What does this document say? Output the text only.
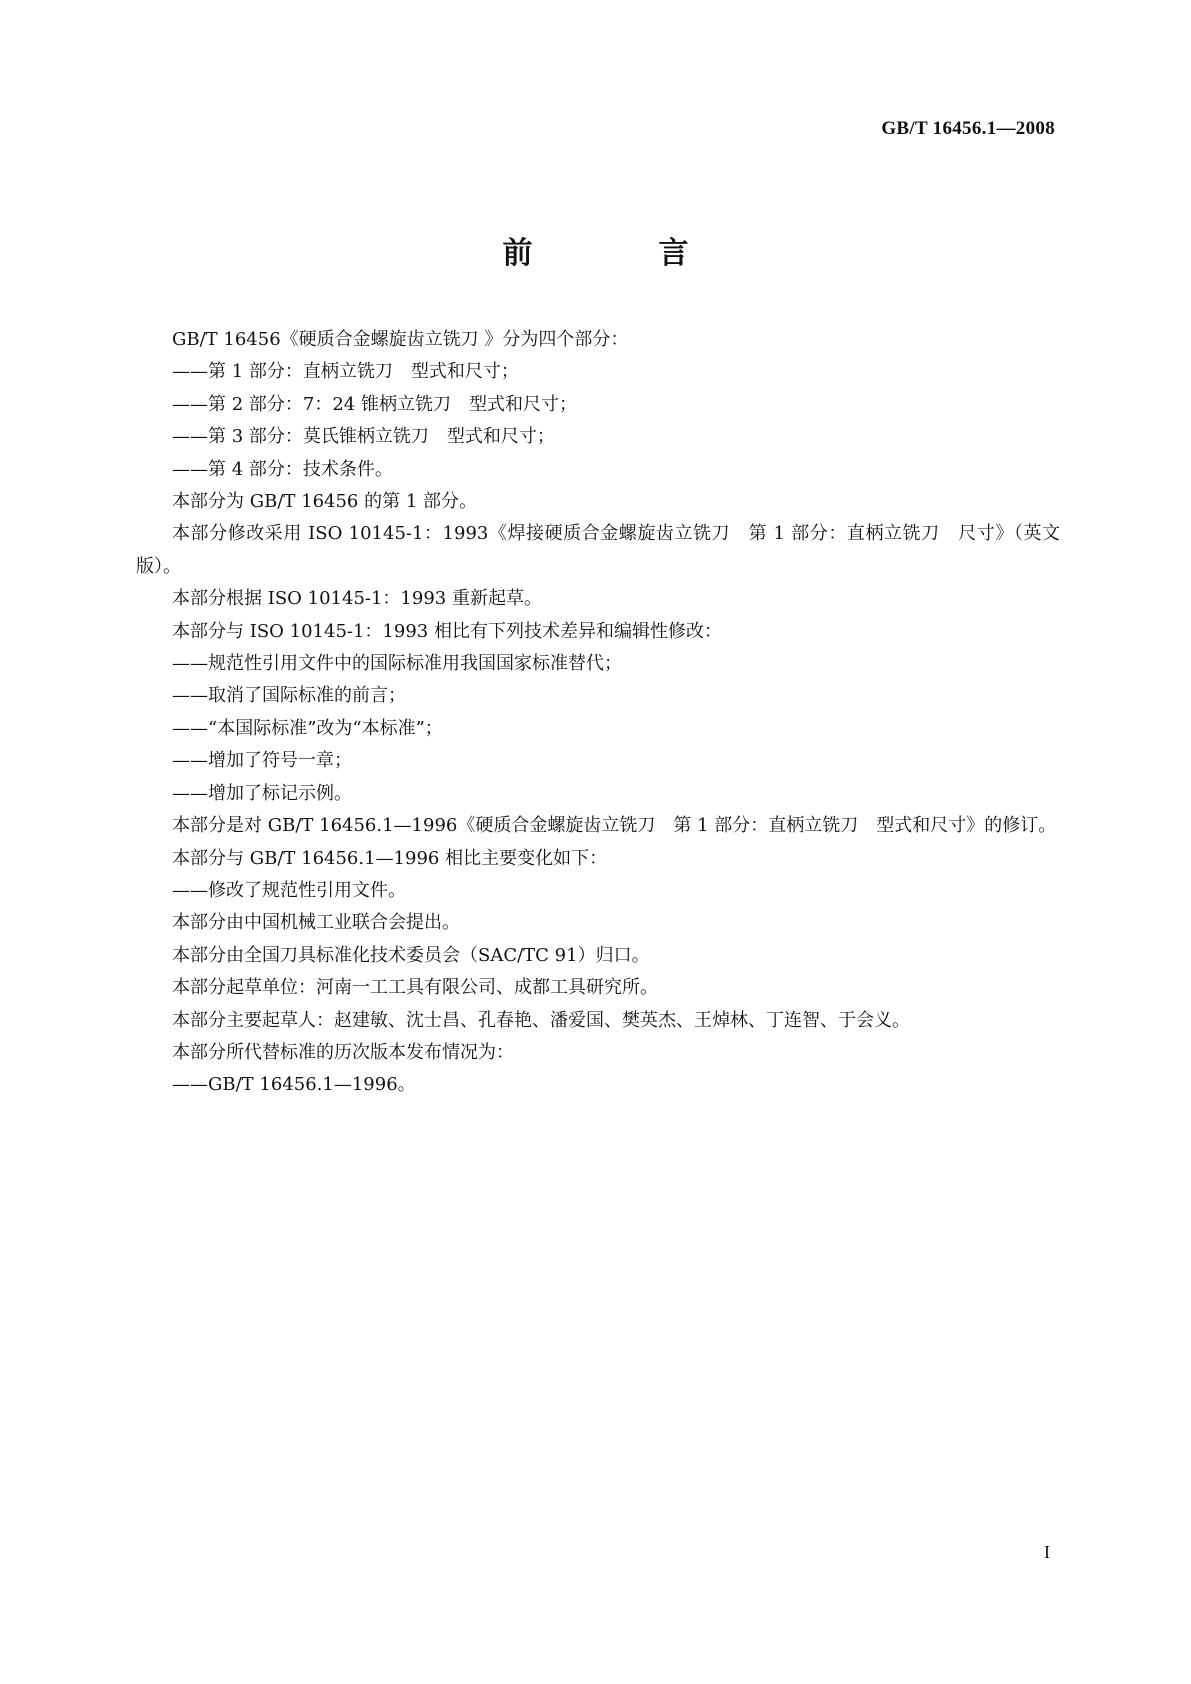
GB/T 16456.1—2008
前　言

GB/T 16456《硬质合金螺旋齿立铣刀 》分为四个部分：

——第 1 部分：直柄立铣刀　型式和尺寸；

——第 2 部分：7：24 锥柄立铣刀　型式和尺寸；

——第 3 部分：莫氏锥柄立铣刀　型式和尺寸；

——第 4 部分：技术条件。

本部分为 GB/T 16456 的第 1 部分。

本部分修改采用 ISO 10145-1：1993《焊接硬质合金螺旋齿立铣刀　第 1 部分：直柄立铣刀　尺寸》（英文版）。

本部分根据 ISO 10145-1：1993 重新起草。

本部分与 ISO 10145-1：1993 相比有下列技术差异和编辑性修改：

——规范性引用文件中的国际标准用我国国家标准替代；

——取消了国际标准的前言；

——“本国际标准”改为“本标准”；

——增加了符号一章；

——增加了标记示例。

本部分是对 GB/T 16456.1—1996《硬质合金螺旋齿立铣刀　第 1 部分：直柄立铣刀　型式和尺寸》的修订。

本部分与 GB/T 16456.1—1996 相比主要变化如下：

——修改了规范性引用文件。

本部分由中国机械工业联合会提出。

本部分由全国刀具标准化技术委员会（SAC/TC 91）归口。

本部分起草单位：河南一工工具有限公司、成都工具研究所。

本部分主要起草人：赵建敏、沈士昌、孔春艳、潘爱国、樊英杰、王焯林、丁连智、于会义。

本部分所代替标准的历次版本发布情况为：

——GB/T 16456.1—1996。

I
